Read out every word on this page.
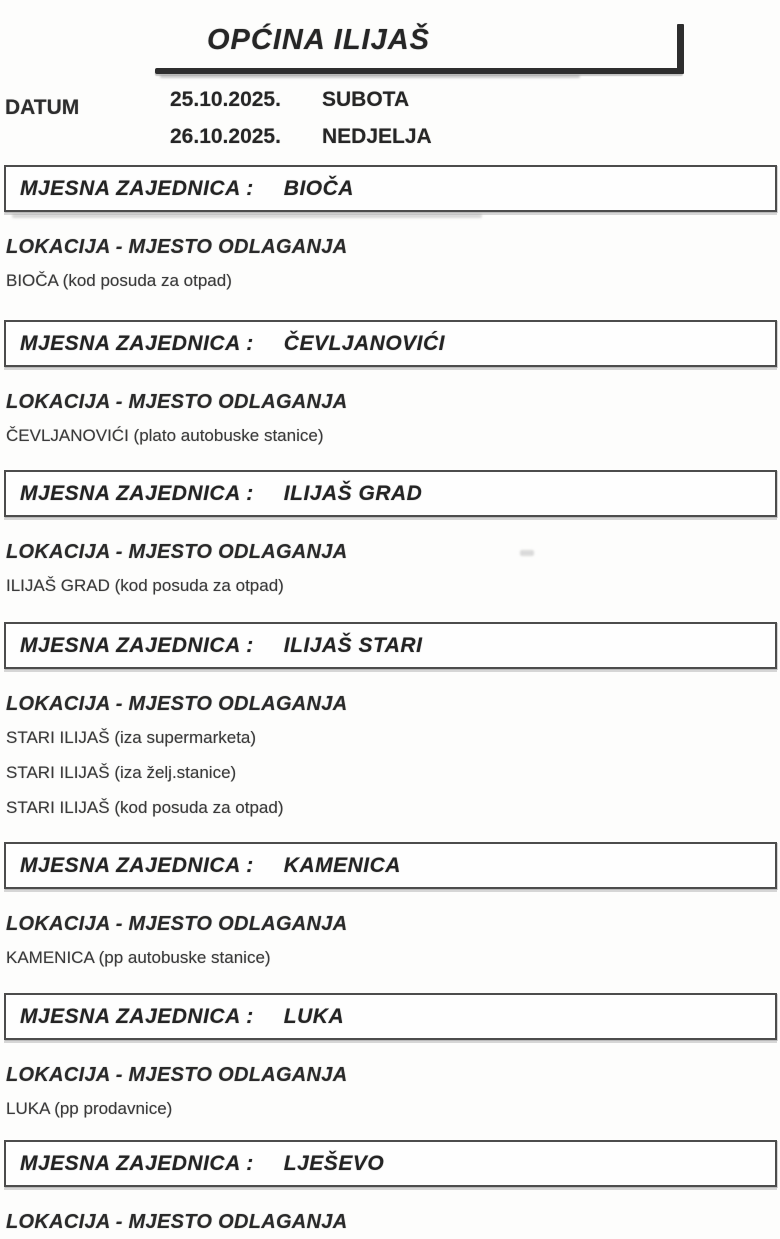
OPĆINA ILIJAŠ
DATUM	25.10.2025. SUBOTA
26.10.2025. NEDJELJA
MJESNA ZAJEDNICA : BIOČA
LOKACIJA - MJESTO ODLAGANJA
BIOČA (kod posuda za otpad)
MJESNA ZAJEDNICA : ČEVLJANOVIĆI
LOKACIJA - MJESTO ODLAGANJA
ČEVLJANOVIĆI (plato autobuske stanice)
MJESNA ZAJEDNICA : ILIJAŠ GRAD
LOKACIJA - MJESTO ODLAGANJA
ILIJAŠ GRAD (kod posuda za otpad)
MJESNA ZAJEDNICA : ILIJAŠ STARI
LOKACIJA - MJESTO ODLAGANJA
STARI ILIJAŠ (iza supermarketa)
STARI ILIJAŠ (iza želj.stanice)
STARI ILIJAŠ (kod posuda za otpad)
MJESNA ZAJEDNICA : KAMENICA
LOKACIJA - MJESTO ODLAGANJA
KAMENICA (pp autobuske stanice)
MJESNA ZAJEDNICA : LUKA
LOKACIJA - MJESTO ODLAGANJA
LUKA (pp prodavnice)
MJESNA ZAJEDNICA : LJEŠEVO
LOKACIJA - MJESTO ODLAGANJA
